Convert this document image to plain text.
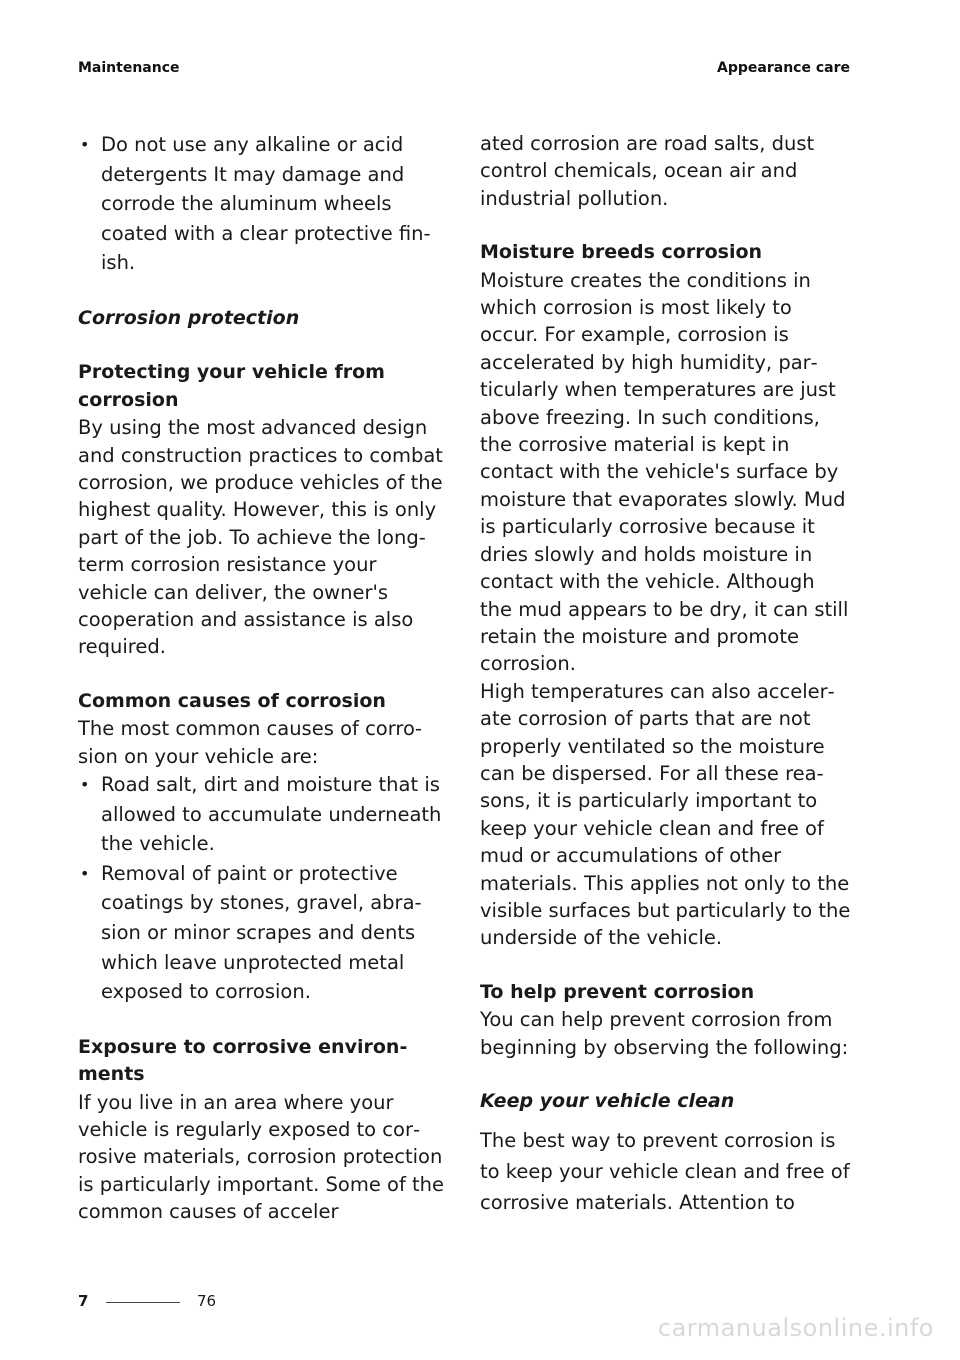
Maintenance	Appearance care
• Do not use any alkaline or acid detergents It may damage and corrode the aluminum wheels coated with a clear protective finish.

Corrosion protection

Protecting your vehicle from corrosion

By using the most advanced design and construction practices to combat corrosion, we produce vehicles of the highest quality. However, this is only part of the job. To achieve the long-term corrosion resistance your vehicle can deliver, the owner's cooperation and assistance is also required.

Common causes of corrosion

The most common causes of corrosion on your vehicle are:

• Road salt, dirt and moisture that is allowed to accumulate underneath the vehicle.
• Removal of paint or protective coatings by stones, gravel, abrasion or minor scrapes and dents which leave unprotected metal exposed to corrosion.

Exposure to corrosive environments

If you live in an area where your vehicle is regularly exposed to corrosive materials, corrosion protection is particularly important. Some of the common causes of acceler

ated corrosion are road salts, dust control chemicals, ocean air and industrial pollution.

Moisture breeds corrosion

Moisture creates the conditions in which corrosion is most likely to occur. For example, corrosion is accelerated by high humidity, particularly when temperatures are just above freezing. In such conditions, the corrosive material is kept in contact with the vehicle's surface by moisture that evaporates slowly. Mud is particularly corrosive because it dries slowly and holds moisture in contact with the vehicle. Although the mud appears to be dry, it can still retain the moisture and promote corrosion.

High temperatures can also accelerate corrosion of parts that are not properly ventilated so the moisture can be dispersed. For all these reasons, it is particularly important to keep your vehicle clean and free of mud or accumulations of other materials. This applies not only to the visible surfaces but particularly to the underside of the vehicle.

To help prevent corrosion

You can help prevent corrosion from beginning by observing the following:

Keep your vehicle clean

The best way to prevent corrosion is to keep your vehicle clean and free of corrosive materials. Attention to

7	76
carmanualsonline.info
